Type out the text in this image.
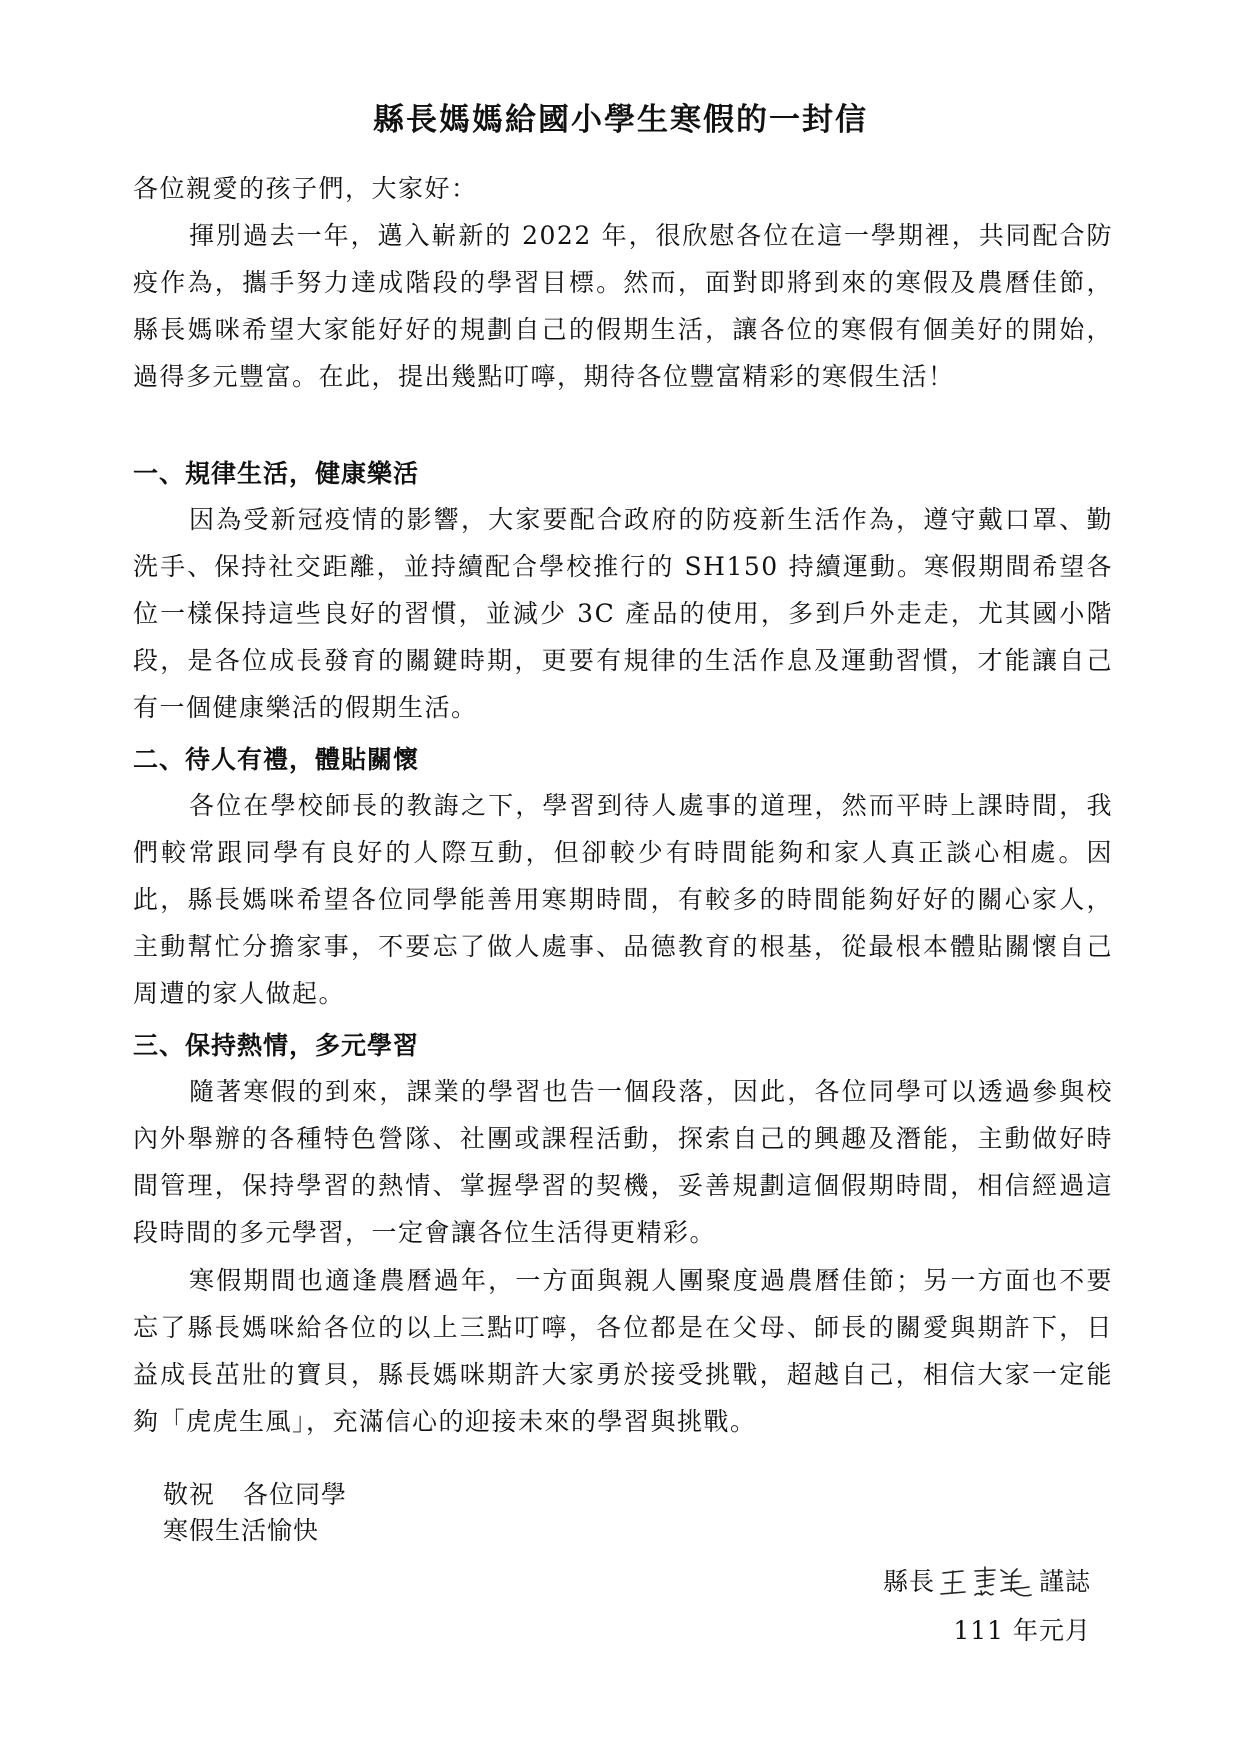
縣長媽媽給國小學生寒假的一封信
各位親愛的孩子們，大家好：
揮別過去一年，邁入嶄新的 2022 年，很欣慰各位在這一學期裡，共同配合防疫作為，攜手努力達成階段的學習目標。然而，面對即將到來的寒假及農曆佳節，縣長媽咪希望大家能好好的規劃自己的假期生活，讓各位的寒假有個美好的開始，過得多元豐富。在此，提出幾點叮嚀，期待各位豐富精彩的寒假生活！
一、規律生活，健康樂活
因為受新冠疫情的影響，大家要配合政府的防疫新生活作為，遵守戴口罩、勤洗手、保持社交距離，並持續配合學校推行的 SH150 持續運動。寒假期間希望各位一樣保持這些良好的習慣，並減少 3C 產品的使用，多到戶外走走，尤其國小階段，是各位成長發育的關鍵時期，更要有規律的生活作息及運動習慣，才能讓自己有一個健康樂活的假期生活。
二、待人有禮，體貼關懷
各位在學校師長的教誨之下，學習到待人處事的道理，然而平時上課時間，我們較常跟同學有良好的人際互動，但卻較少有時間能夠和家人真正談心相處。因此，縣長媽咪希望各位同學能善用寒期時間，有較多的時間能夠好好的關心家人，主動幫忙分擔家事，不要忘了做人處事、品德教育的根基，從最根本體貼關懷自己周遭的家人做起。
三、保持熱情，多元學習
隨著寒假的到來，課業的學習也告一個段落，因此，各位同學可以透過參與校內外舉辦的各種特色營隊、社團或課程活動，探索自己的興趣及潛能，主動做好時間管理，保持學習的熱情、掌握學習的契機，妥善規劃這個假期時間，相信經過這段時間的多元學習，一定會讓各位生活得更精彩。
寒假期間也適逢農曆過年，一方面與親人團聚度過農曆佳節；另一方面也不要忘了縣長媽咪給各位的以上三點叮嚀，各位都是在父母、師長的關愛與期許下，日益成長茁壯的寶貝，縣長媽咪期許大家勇於接受挑戰，超越自己，相信大家一定能夠「虎虎生風」，充滿信心的迎接未來的學習與挑戰。
敬祝 各位同學
寒假生活愉快
縣長	謹誌
111 年元月
